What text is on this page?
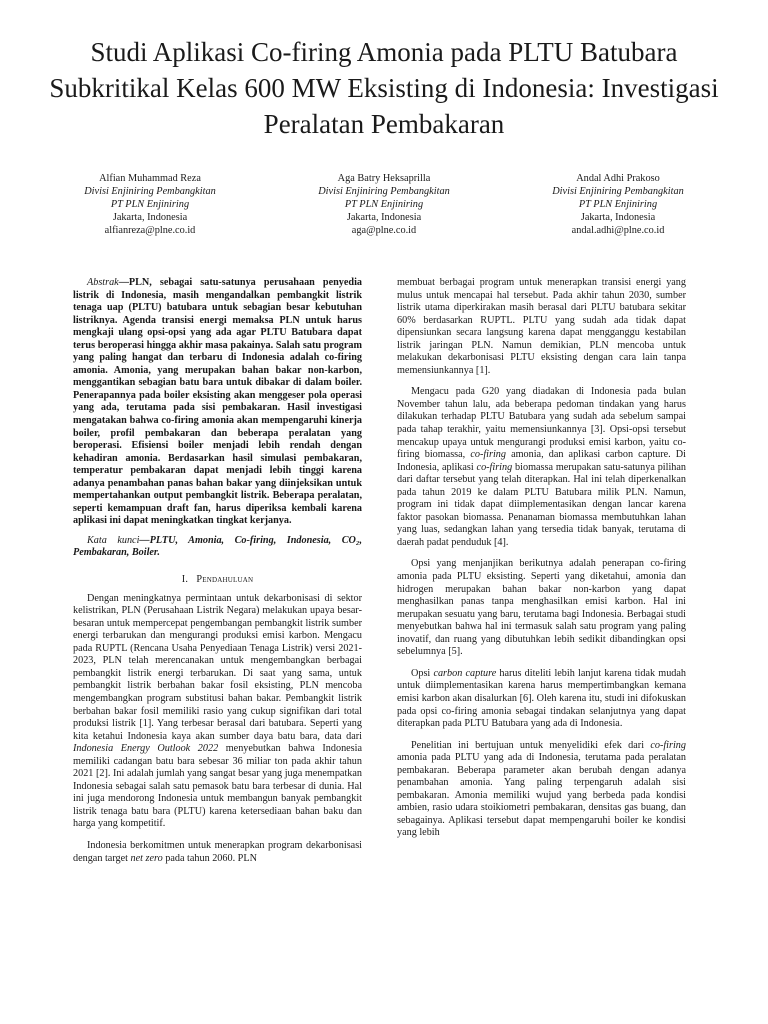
Studi Aplikasi Co-firing Amonia pada PLTU Batubara Subkritikal Kelas 600 MW Eksisting di Indonesia: Investigasi Peralatan Pembakaran
Alfian Muhammad Reza
Divisi Enjiniring Pembangkitan
PT PLN Enjiniring
Jakarta, Indonesia
alfianreza@plne.co.id
Aga Batry Heksaprilla
Divisi Enjiniring Pembangkitan
PT PLN Enjiniring
Jakarta, Indonesia
aga@plne.co.id
Andal Adhi Prakoso
Divisi Enjiniring Pembangkitan
PT PLN Enjiniring
Jakarta, Indonesia
andal.adhi@plne.co.id

Abstrak—PLN, sebagai satu-satunya perusahaan penyedia listrik di Indonesia, masih mengandalkan pembangkit listrik tenaga uap (PLTU) batubara untuk sebagian besar kebutuhan listriknya. Agenda transisi energi memaksa PLN untuk harus mengkaji ulang opsi-opsi yang ada agar PLTU Batubara dapat terus beroperasi hingga akhir masa pakainya. Salah satu program yang paling hangat dan terbaru di Indonesia adalah co-firing amonia. Amonia, yang merupakan bahan bakar non-karbon, menggantikan sebagian batu bara untuk dibakar di dalam boiler. Penerapannya pada boiler eksisting akan menggeser pola operasi yang ada, terutama pada sisi pembakaran. Hasil investigasi mengatakan bahwa co-firing amonia akan mempengaruhi kinerja boiler, profil pembakaran dan beberapa peralatan yang beroperasi. Efisiensi boiler menjadi lebih rendah dengan kehadiran amonia. Berdasarkan hasil simulasi pembakaran, temperatur pembakaran dapat menjadi lebih tinggi karena adanya penambahan panas bahan bakar yang diinjeksikan untuk mempertahankan output pembangkit listrik. Beberapa peralatan, seperti kemampuan draft fan, harus diperiksa kembali karena aplikasi ini dapat meningkatkan tingkat kerjanya.

Kata kunci—PLTU, Amonia, Co-firing, Indonesia, CO₂, Pembakaran, Boiler.

I. Pendahuluan

Dengan meningkatnya permintaan untuk dekarbonisasi di sektor kelistrikan, PLN (Perusahaan Listrik Negara) melakukan upaya besar-besaran untuk mempercepat pengembangan pembangkit listrik sumber energi terbarukan dan mengurangi produksi emisi karbon. Mengacu pada RUPTL (Rencana Usaha Penyediaan Tenaga Listrik) versi 2021-2023, PLN telah merencanakan untuk mengembangkan berbagai pembangkit listrik energi terbarukan. Di saat yang sama, untuk pembangkit listrik berbahan bakar fosil eksisting, PLN mencoba mengembangkan program substitusi bahan bakar. Pembangkit listrik berbahan bakar fosil memiliki rasio yang cukup signifikan dari total produksi listrik [1]. Yang terbesar berasal dari batubara. Seperti yang kita ketahui Indonesia kaya akan sumber daya batu bara, data dari Indonesia Energy Outlook 2022 menyebutkan bahwa Indonesia memiliki cadangan batu bara sebesar 36 miliar ton pada akhir tahun 2021 [2]. Ini adalah jumlah yang sangat besar yang juga menempatkan Indonesia sebagai salah satu pemasok batu bara terbesar di dunia. Hal ini juga mendorong Indonesia untuk membangun banyak pembangkit listrik tenaga batu bara (PLTU) karena ketersediaan bahan baku dan harga yang kompetitif.

Indonesia berkomitmen untuk menerapkan program dekarbonisasi dengan target net zero pada tahun 2060. PLN

membuat berbagai program untuk menerapkan transisi energi yang mulus untuk mencapai hal tersebut. Pada akhir tahun 2030, sumber listrik utama diperkirakan masih berasal dari PLTU batubara sekitar 60% berdasarkan RUPTL. PLTU yang sudah ada tidak dapat dipensiunkan secara langsung karena dapat mengganggu kestabilan listrik jaringan PLN. Namun demikian, PLN mencoba untuk melakukan dekarbonisasi PLTU eksisting dengan cara lain tanpa memensiunkannya [1].

Mengacu pada G20 yang diadakan di Indonesia pada bulan November tahun lalu, ada beberapa pedoman tindakan yang harus dilakukan terhadap PLTU Batubara yang sudah ada sebelum sampai pada tahap terakhir, yaitu memensiunkannya [3]. Opsi-opsi tersebut mencakup upaya untuk mengurangi produksi emisi karbon, yaitu co-firing biomassa, co-firing amonia, dan aplikasi carbon capture. Di Indonesia, aplikasi co-firing biomassa merupakan satu-satunya pilihan dari daftar tersebut yang telah diterapkan. Hal ini telah diperkenalkan pada tahun 2019 ke dalam PLTU Batubara milik PLN. Namun, program ini tidak dapat diimplementasikan dengan lancar karena faktor pasokan biomassa. Penanaman biomassa membutuhkan lahan yang luas, sedangkan lahan yang tersedia tidak banyak, terutama di daerah padat penduduk [4].

Opsi yang menjanjikan berikutnya adalah penerapan co-firing amonia pada PLTU eksisting. Seperti yang diketahui, amonia dan hidrogen merupakan bahan bakar non-karbon yang dapat menghasilkan panas tanpa menghasilkan emisi karbon. Hal ini merupakan sesuatu yang baru, terutama bagi Indonesia. Berbagai studi menyebutkan bahwa hal ini termasuk salah satu program yang paling inovatif, dan ruang yang dibutuhkan lebih sedikit dibandingkan opsi sebelumnya [5].

Opsi carbon capture harus diteliti lebih lanjut karena tidak mudah untuk diimplementasikan karena harus mempertimbangkan kemana emisi karbon akan disalurkan [6]. Oleh karena itu, studi ini difokuskan pada opsi co-firing amonia sebagai tindakan selanjutnya yang dapat diterapkan pada PLTU Batubara yang ada di Indonesia.

Penelitian ini bertujuan untuk menyelidiki efek dari co-firing amonia pada PLTU yang ada di Indonesia, terutama pada peralatan pembakaran. Beberapa parameter akan berubah dengan adanya penambahan amonia. Yang paling terpengaruh adalah sisi pembakaran. Amonia memiliki wujud yang berbeda pada kondisi ambien, rasio udara stoikiometri pembakaran, densitas gas buang, dan sebagainya. Aplikasi tersebut dapat mempengaruhi boiler ke kondisi yang lebih
